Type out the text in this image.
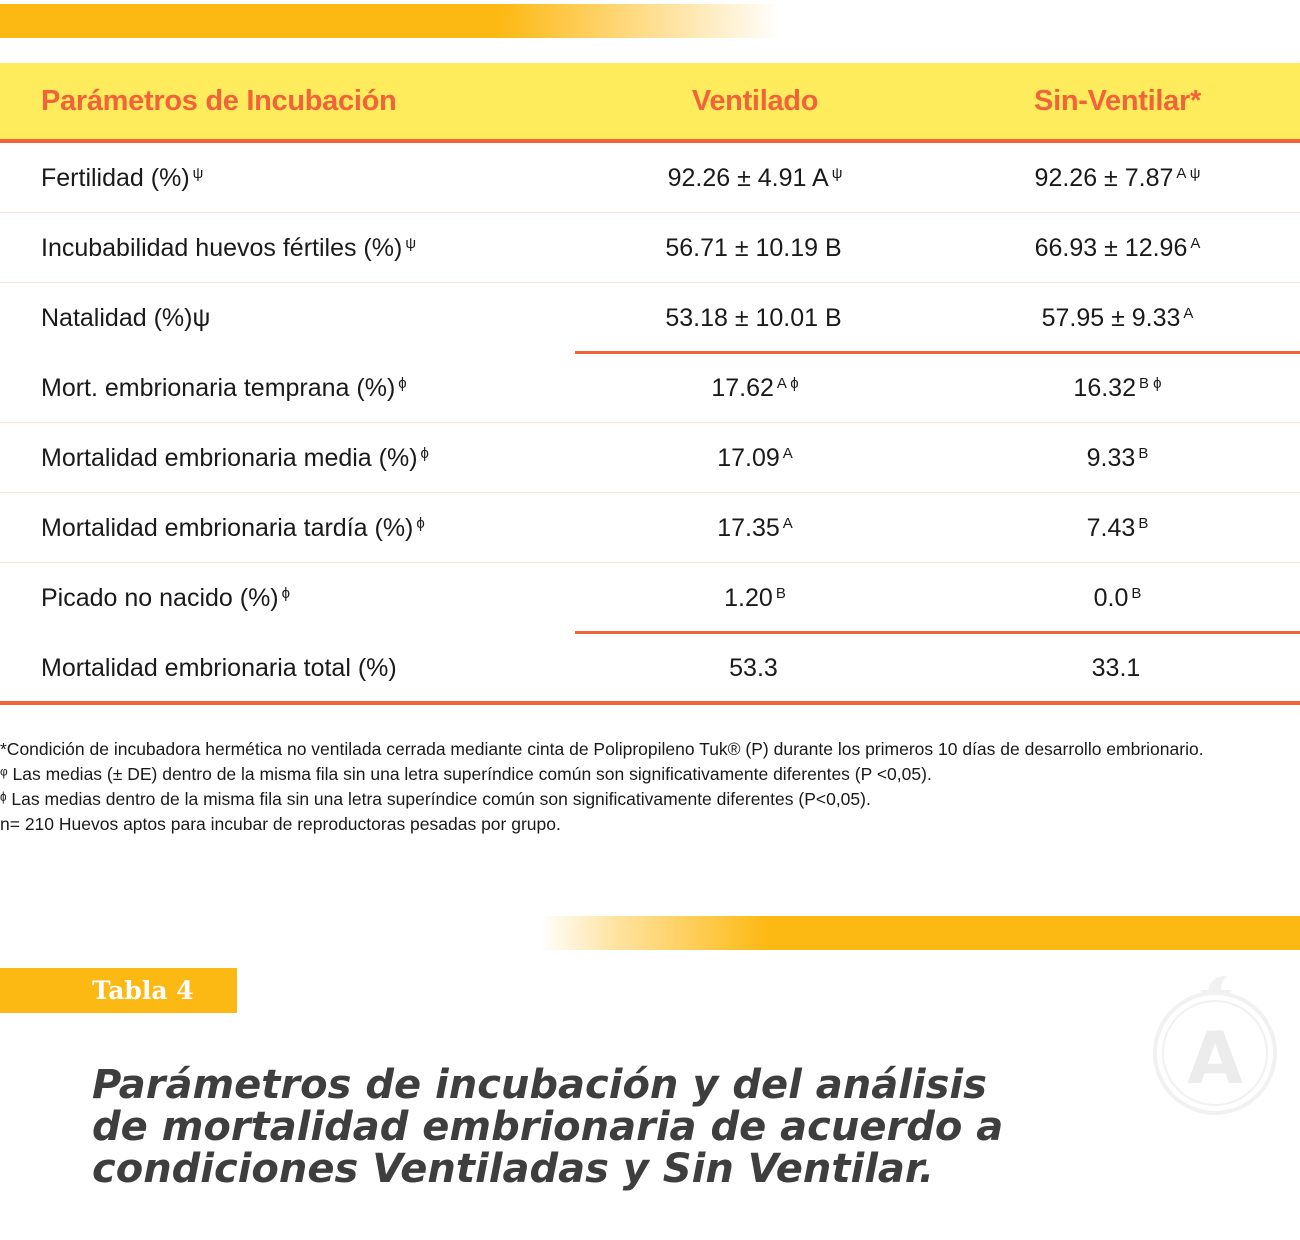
Parámetros de Incubación	Ventilado	Sin-Ventilar*
Fertilidad (%) $^\psi$	92.26 ± 4.91 A $^\psi$	92.26 ± 7.87 $^{A \psi}$
Incubabilidad huevos fértiles (%) $^\psi$	56.71 ± 10.19 B	66.93 ± 12.96 $^A$
Natalidad (%)ψ	53.18 ± 10.01 B	57.95 ± 9.33 $^A$
Mort. embrionaria temprana (%) $^\phi$	17.62 $^{A \phi}$	16.32 $^{B \phi}$
Mortalidad embrionaria media (%) $^\phi$	17.09 $^A$	9.33 $^B$
Mortalidad embrionaria tardía (%) $^\phi$	17.35 $^A$	7.43 $^B$
Picado no nacido (%) $^\phi$	1.20 $^B$	0.0 $^B$
Mortalidad embrionaria total (%)	53.3	33.1
*Condición de incubadora hermética no ventilada cerrada mediante cinta de Polipropileno Tuk® (P) durante los primeros 10 días de desarrollo embrionario.
ᵠ Las medias (± DE) dentro de la misma fila sin una letra superíndice común son significativamente diferentes (P <0,05).
ᶲ Las medias dentro de la misma fila sin una letra superíndice común son significativamente diferentes (P<0,05).
n= 210 Huevos aptos para incubar de reproductoras pesadas por grupo.
Tabla 4
Parámetros de incubación y del análisis
de mortalidad embrionaria de acuerdo a
condiciones Ventiladas y Sin Ventilar.
A
